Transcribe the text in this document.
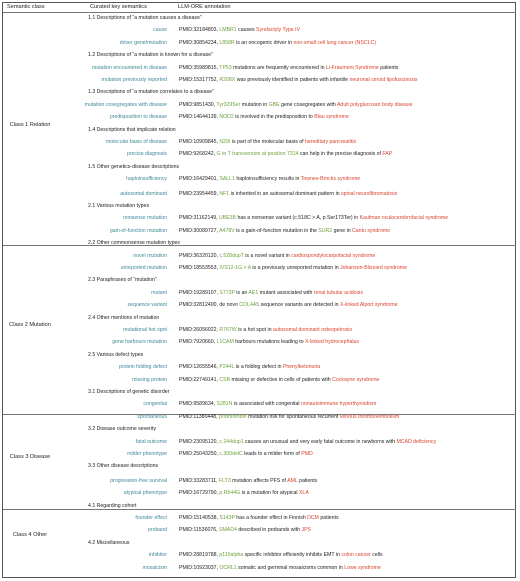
Semantic class	Curated key semantics	LLM-ORE annotation
Class 1 Relation
Class 2 Mutation
Class 3 Disease
Class 4 Other
1.1 Descriptions of “a mutation causes a disease”
cause PMID:32184803, LMBR1 causes Syndactyly Type IV
driver gene/mutation PMID:30854234, L858R is an oncogenic driver in non-small cell lung cancer (NSCLC)
1.2 Descriptions of “a mutation is known for a disease”
mutation encountered in disease PMID:35989815, TP53 mutations are frequently encountered in Li-Fraumeni Syndrome patients
mutation previously reported PMID:15317752, R208X was previously identified in patients with infantile neuronal ceroid lipofuscinosis
1.3 Descriptions of “a mutation correlates to a disease”
mutation cosegregates with disease PMID:9851430, Tyr329Ser mutation in GBE gene cosegregates with Adult polyglucosan body disease
predisposition to disease PMID:14644139, NOD2 is involved in the predisposition to Blau syndrome
1.4 Descriptions that implicate relation
molecular basis of disease PMID:10909845, N29I is part of the molecular basis of hereditary pancreatitis
precise diagnosis PMID:9268242, G to T transversion at position 7314 can help in the precise diagnosis of FAP
1.5 Other genetics-disease descriptions
haploinsufficiency PMID:16429401, SALL1 haploinsufficiency results in Townes-Brocks syndrome
autosomal dominant PMID:23954459, NF1 is inherited in an autosomal dominant pattern in spinal neurofibromatosis
2.1 Various mutation types
nonsense mutation PMID:31162149, UBE3B has a nonsense variant (c.518C > A, p.Ser173Ter) in Kaufman oculocerebrofacial syndrome
gain-of-function mutation PMID:30089727, A478V is a gain-of-function mutation in the SUR2 gene in Cantu syndrome
2.2 Other commonsense mutation types
novel mutation PMID:36320120, c.528dupT is a novel variant in cardiospondylocarpofacial syndrome
unreported mutation PMID:18553553, IVS12-1G > A is a previously unreported mutation in Johanson-Blizzard syndrome
2.3 Paraphrases of “mutation”
mutant PMID:19289107, S773P is an AE1 mutant associated with renal tubular acidosis
sequence variant PMID:32812400, de novo COL4A5 sequence variants are detected in X-linked Alport syndrome
2.4 Other mentions of mutation
mutational hot spot PMID:26056022, R767W is a hot spot in autosomal dominant osteopetrosis
gene harbours mutation PMID:7920660, L1CAM harbours mutations leading to X-linked hydrocephalus
2.5 Various defect types
protein folding defect PMID:12655546, P244L is a folding defect in Phenylketonuria
missing protein PMID:22749141, CSB missing or defective in cells of patients with Cockayne syndrome
3.1 Descriptions of genetic disorder
congenital PMID:9589634, S281N is associated with congenital nonautoimmune hyperthyroidism
spontaneous PMID:11380448, prothrombin mutation risk for spontaneous recurrent venous thromboembolism
3.2 Disease outcome severity
fatal outcome PMID:23095120, c.244dup1 causes an unusual and very early fatal outcome in newborns with MCAD deficiency
milder phenotype PMID:25043250, c.300delC leads to a milder form of PMD
3.3 Other disease descriptions
progression-free survival PMID:33283711, FLT3 mutation affects PFS of AML patients
atypical phenotype PMID:16729790, p.R544G is a mutation for atypical XLA
4.1 Regarding cohort
founder effect PMID:15140538, S143P has a founder effect in Finnish DCM patients
proband PMID:11536076, SMAD4 described in probands with JPS
4.2 Miscellaneous
inhibitor PMID:28819788, p110alpha specific inhibitor efficiently inhibits EMT in colon cancer cells
mosaicism PMID:10923037, OCRL1 somatic and germinal mosaicisms common in Lowe syndrome
